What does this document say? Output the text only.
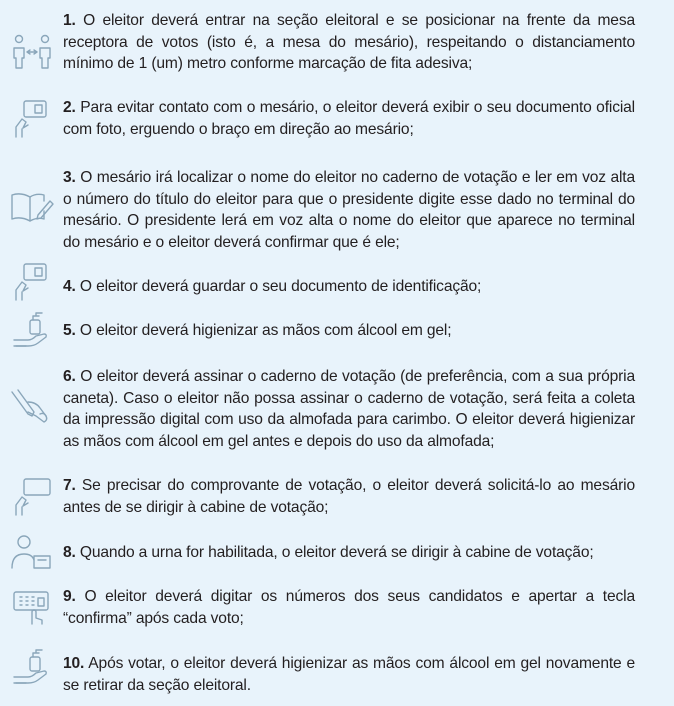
1. O eleitor deverá entrar na seção eleitoral e se posicionar na frente da mesa receptora de votos (isto é, a mesa do mesário), respeitando o distanciamento mínimo de 1 (um) metro conforme marcação de fita adesiva;
2. Para evitar contato com o mesário, o eleitor deverá exibir o seu documento oficial com foto, erguendo o braço em direção ao mesário;
3. O mesário irá localizar o nome do eleitor no caderno de votação e ler em voz alta o número do título do eleitor para que o presidente digite esse dado no terminal do mesário. O presidente lerá em voz alta o nome do eleitor que aparece no terminal do mesário e o eleitor deverá confirmar que é ele;
4. O eleitor deverá guardar o seu documento de identificação;
5. O eleitor deverá higienizar as mãos com álcool em gel;
6. O eleitor deverá assinar o caderno de votação (de preferência, com a sua própria caneta). Caso o eleitor não possa assinar o caderno de votação, será feita a coleta da impressão digital com uso da almofada para carimbo. O eleitor deverá higienizar as mãos com álcool em gel antes e depois do uso da almofada;
7. Se precisar do comprovante de votação, o eleitor deverá solicitá-lo ao mesário antes de se dirigir à cabine de votação;
8. Quando a urna for habilitada, o eleitor deverá se dirigir à cabine de votação;
9. O eleitor deverá digitar os números dos seus candidatos e apertar a tecla “confirma” após cada voto;
10. Após votar, o eleitor deverá higienizar as mãos com álcool em gel novamente e se retirar da seção eleitoral.
